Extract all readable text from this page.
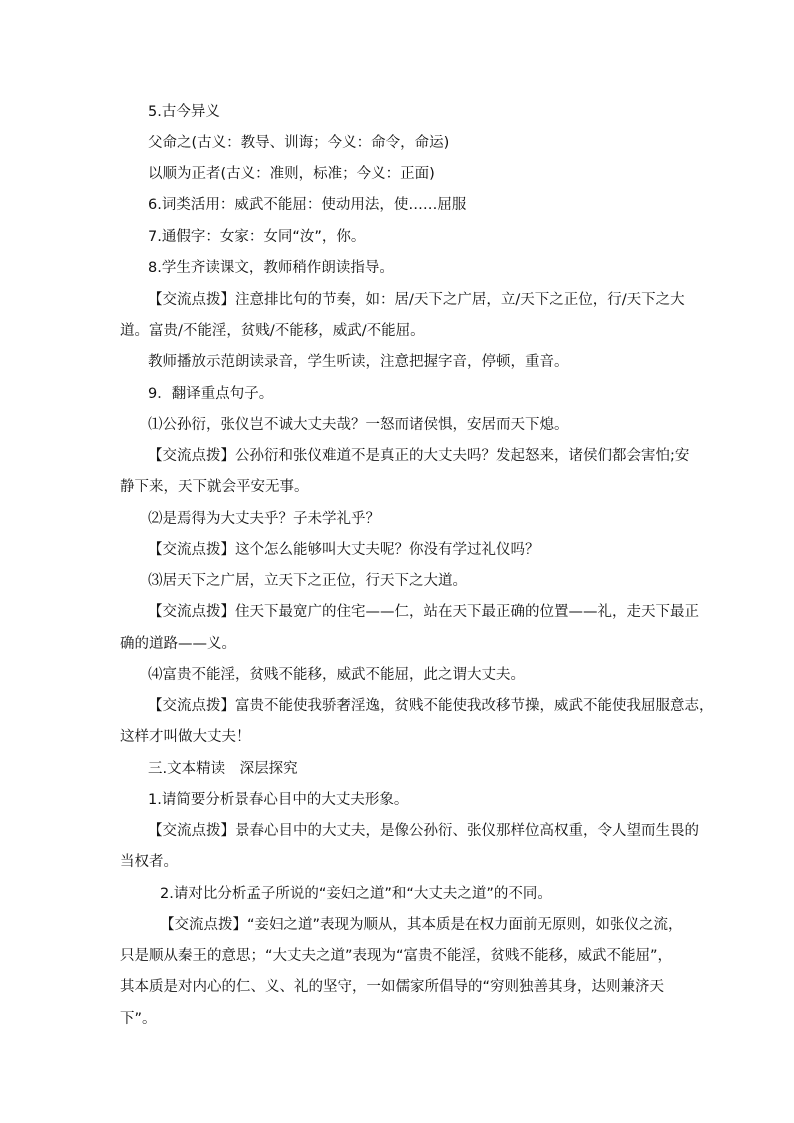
5.古今异义
父命之(古义：教导、训诲；今义：命令，命运)
以顺为正者(古义：准则，标准；今义：正面)
6.词类活用：威武不能屈：使动用法，使……屈服
7.通假字：女家：女同“汝”，你。
8.学生齐读课文，教师稍作朗读指导。
【交流点拨】注意排比句的节奏，如：居/天下之广居，立/天下之正位，行/天下之大
道。富贵/不能淫，贫贱/不能移，威武/不能屈。
教师播放示范朗读录音，学生听读，注意把握字音，停顿，重音。
9．翻译重点句子。
⑴公孙衍，张仪岂不诚大丈夫哉？一怒而诸侯惧，安居而天下熄。
【交流点拨】公孙衍和张仪难道不是真正的大丈夫吗？发起怒来，诸侯们都会害怕;安
静下来，天下就会平安无事。
⑵是焉得为大丈夫乎？子未学礼乎？
【交流点拨】这个怎么能够叫大丈夫呢？你没有学过礼仪吗？
⑶居天下之广居，立天下之正位，行天下之大道。
【交流点拨】住天下最宽广的住宅——仁，站在天下最正确的位置——礼，走天下最正
确的道路——义。
⑷富贵不能淫，贫贱不能移，威武不能屈，此之谓大丈夫。
【交流点拨】富贵不能使我骄奢淫逸，贫贱不能使我改移节操，威武不能使我屈服意志，
这样才叫做大丈夫！
三.文本精读　深层探究
1.请简要分析景春心目中的大丈夫形象。
【交流点拨】景春心目中的大丈夫，是像公孙衍、张仪那样位高权重，令人望而生畏的
当权者。
2.请对比分析孟子所说的“妾妇之道”和“大丈夫之道”的不同。
【交流点拨】“妾妇之道”表现为顺从，其本质是在权力面前无原则，如张仪之流，
只是顺从秦王的意思；“大丈夫之道”表现为“富贵不能淫，贫贱不能移，威武不能屈”，
其本质是对内心的仁、义、礼的坚守，一如儒家所倡导的“穷则独善其身，达则兼济天
下”。
